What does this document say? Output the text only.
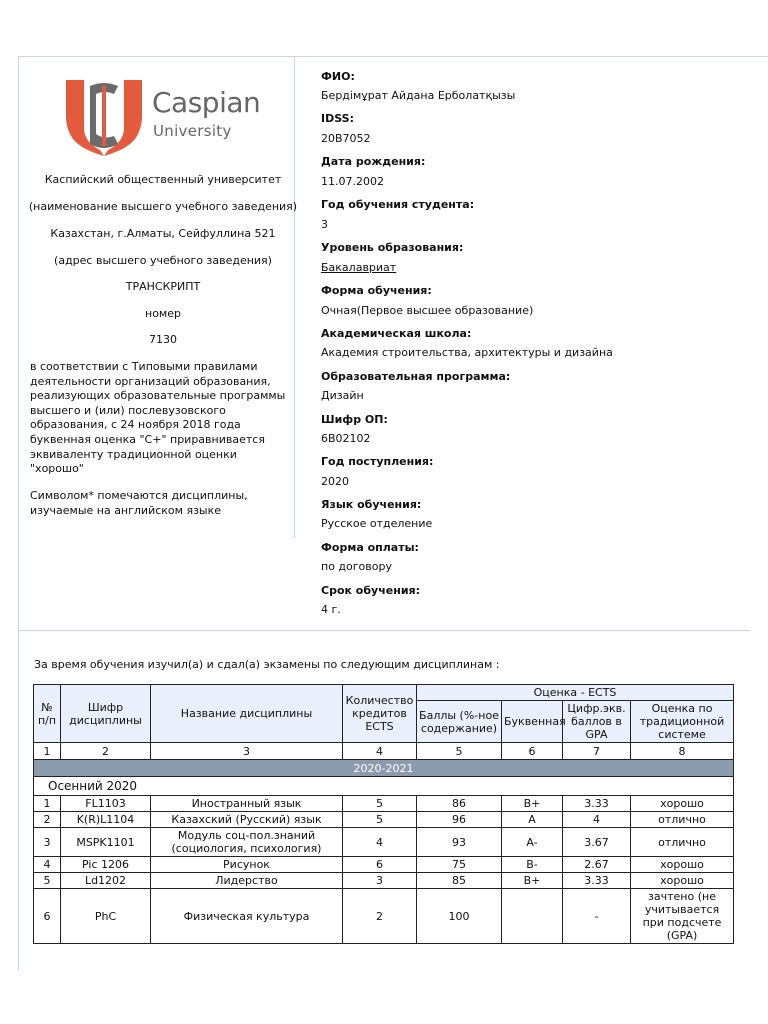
Caspian
University
Каспийский общественный университет
(наименование высшего учебного заведения)
Казахстан, г.Алматы, Сейфуллина 521
(адрес высшего учебного заведения)
ТРАНСКРИПТ
номер
7130
в соответствии с Типовыми правилами деятельности организаций образования, реализующих образовательные программы высшего и (или) послевузовского образования, с 24 ноября 2018 года буквенная оценка "C+" приравнивается эквиваленту традиционной оценки "хорошо"
Символом* помечаются дисциплины, изучаемые на английском языке
ФИО:
Бердімұрат Айдана Ерболатқызы
IDSS:
20B7052
Дата рождения:
11.07.2002
Год обучения студента:
3
Уровень образования:
Бакалавриат
Форма обучения:
Очная(Первое высшее образование)
Академическая школа:
Академия строительства, архитектуры и дизайна
Образовательная программа:
Дизайн
Шифр ОП:
6B02102
Год поступления:
2020
Язык обучения:
Русское отделение
Форма оплаты:
по договору
Срок обучения:
4 г.
За время обучения изучил(а) и сдал(а) экзамены по следующим дисциплинам :
№ п/п	Шифр дисциплины	Название дисциплины	Количество кредитов ECTS	Оценка - ECTS			
				Баллы (%-ное содержание)	Буквенная	Цифр.экв. баллов в GPA	Оценка по традиционной системе
1	2	3	4	5	6	7	8
2020-2021							
Осенний 2020							
1	FL1103	Иностранный язык	5	86	B+	3.33	хорошо
2	K(R)L1104	Казахский (Русский) язык	5	96	A	4	отлично
3	MSPK1101	Модуль соц-пол.знаний (социология, психология)	4	93	A-	3.67	отлично
4	Pic 1206	Рисунок	6	75	B-	2.67	хорошо
5	Ld1202	Лидерство	3	85	B+	3.33	хорошо
6	PhC	Физическая культура	2	100		-	зачтено (не учитывается при подсчете (GPA)
